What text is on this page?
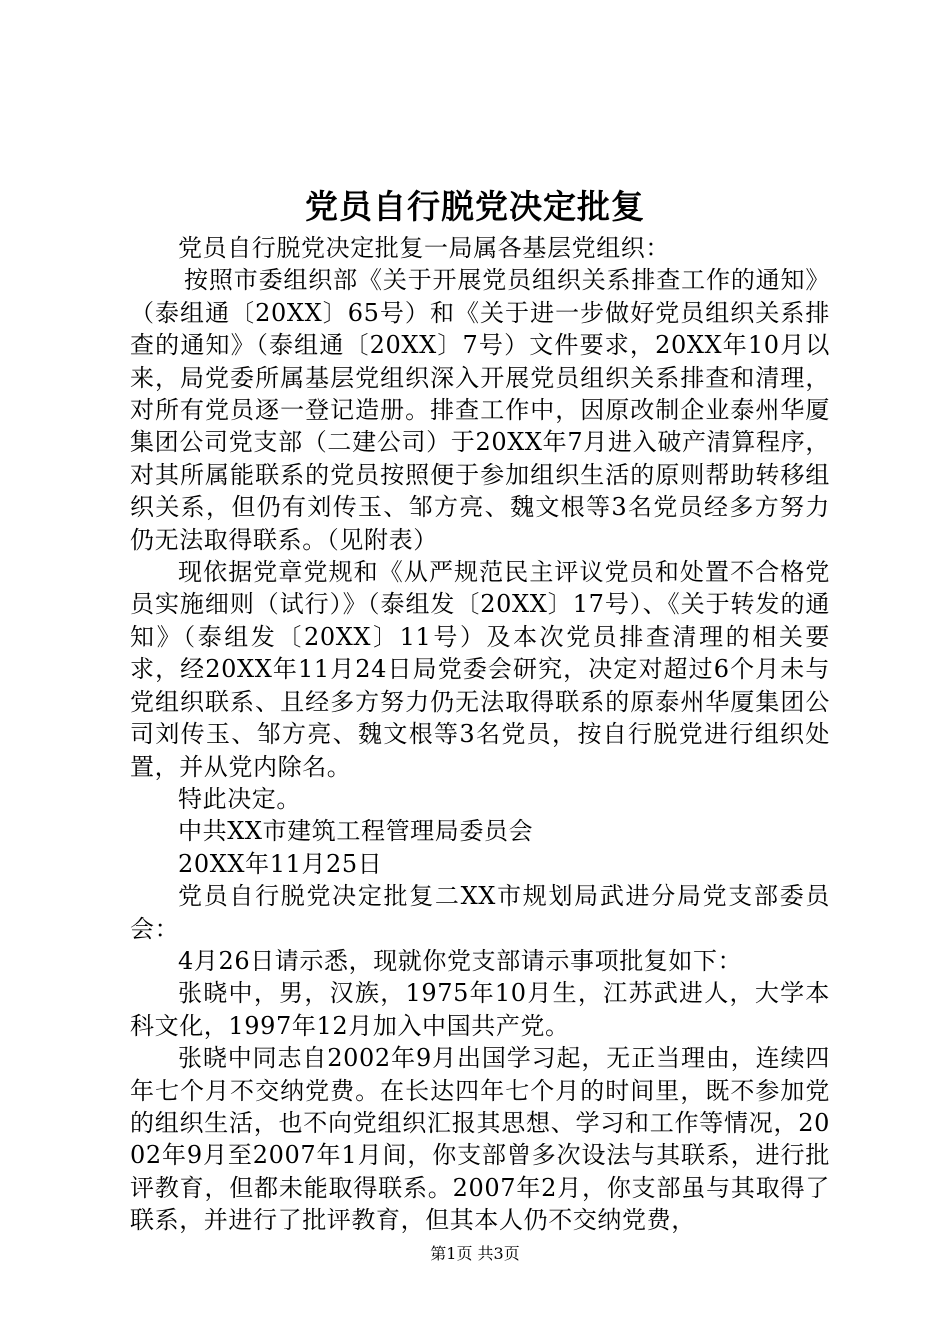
党员自行脱党决定批复

党员自行脱党决定批复一局属各基层党组织：

按照市委组织部《关于开展党员组织关系排查工作的通知》（泰组通〔20XX〕65号）和《关于进一步做好党员组织关系排查的通知》（泰组通〔20XX〕7号）文件要求，20XX年10月以来，局党委所属基层党组织深入开展党员组织关系排查和清理，对所有党员逐一登记造册。排查工作中，因原改制企业泰州华厦集团公司党支部（二建公司）于20XX年7月进入破产清算程序，对其所属能联系的党员按照便于参加组织生活的原则帮助转移组织关系，但仍有刘传玉、邹方亮、魏文根等3名党员经多方努力仍无法取得联系。（见附表）

现依据党章党规和《从严规范民主评议党员和处置不合格党员实施细则（试行）》（泰组发〔20XX〕17号）、《关于转发的通知》（泰组发〔20XX〕11号）及本次党员排查清理的相关要求，经20XX年11月24日局党委会研究，决定对超过6个月未与党组织联系、且经多方努力仍无法取得联系的原泰州华厦集团公司刘传玉、邹方亮、魏文根等3名党员，按自行脱党进行组织处置，并从党内除名。

特此决定。

中共XX市建筑工程管理局委员会

20XX年11月25日

党员自行脱党决定批复二XX市规划局武进分局党支部委员会：

4月26日请示悉，现就你党支部请示事项批复如下：

张晓中，男，汉族，1975年10月生，江苏武进人，大学本科文化，1997年12月加入中国共产党。

张晓中同志自2002年9月出国学习起，无正当理由，连续四年七个月不交纳党费。在长达四年七个月的时间里，既不参加党的组织生活，也不向党组织汇报其思想、学习和工作等情况，2002年9月至2007年1月间，你支部曾多次设法与其联系，进行批评教育，但都未能取得联系。2007年2月，你支部虽与其取得了联系，并进行了批评教育，但其本人仍不交纳党费，

第1页 共3页
